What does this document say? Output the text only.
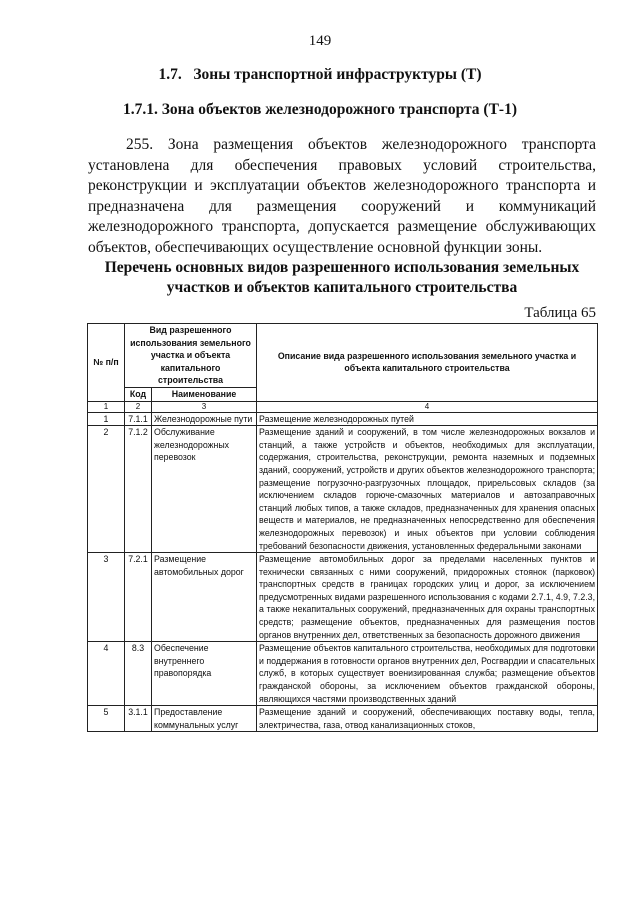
149
1.7.   Зоны транспортной инфраструктуры (Т)
1.7.1. Зона объектов железнодорожного транспорта (Т-1)
255. Зона размещения объектов железнодорожного транспорта
установлена для обеспечения правовых условий строительства,
реконструкции и эксплуатации объектов железнодорожного транспорта и
предназначена для размещения сооружений и коммуникаций
железнодорожного транспорта, допускается размещение обслуживающих
объектов, обеспечивающих осуществление основной функции зоны.
Перечень основных видов разрешенного использования земельных
участков и объектов капитального строительства
Таблица 65
№ п/п	Вид разрешенного использования земельного участка и объекта капитального строительства		Описание вида разрешенного использования земельного участка и объекта капитального строительства
	Код	Наименование	
1	2	3	4
1	7.1.1	Железнодорожные пути	Размещение железнодорожных путей
2	7.1.2	Обслуживание железнодорожных перевозок	Размещение зданий и сооружений, в том числе железнодорожных вокзалов и станций, а также устройств и объектов, необходимых для эксплуатации, содержания, строительства, реконструкции, ремонта наземных и подземных зданий, сооружений, устройств и других объектов железнодорожного транспорта; размещение погрузочно-разгрузочных площадок, прирельсовых складов (за исключением складов горюче-смазочных материалов и автозаправочных станций любых типов, а также складов, предназначенных для хранения опасных веществ и материалов, не предназначенных непосредственно для обеспечения железнодорожных перевозок) и иных объектов при условии соблюдения требований безопасности движения, установленных федеральными законами
3	7.2.1	Размещение автомобильных дорог	Размещение автомобильных дорог за пределами населенных пунктов и технически связанных с ними сооружений, придорожных стоянок (парковок) транспортных средств в границах городских улиц и дорог, за исключением предусмотренных видами разрешенного использования с кодами 2.7.1, 4.9, 7.2.3, а также некапитальных сооружений, предназначенных для охраны транспортных средств; размещение объектов, предназначенных для размещения постов органов внутренних дел, ответственных за безопасность дорожного движения
4	8.3	Обеспечение внутреннего правопорядка	Размещение объектов капитального строительства, необходимых для подготовки и поддержания в готовности органов внутренних дел, Росгвардии и спасательных служб, в которых существует военизированная служба; размещение объектов гражданской обороны, за исключением объектов гражданской обороны, являющихся частями производственных зданий
5	3.1.1	Предоставление коммунальных услуг	Размещение зданий и сооружений, обеспечивающих поставку воды, тепла, электричества, газа, отвод канализационных стоков,
